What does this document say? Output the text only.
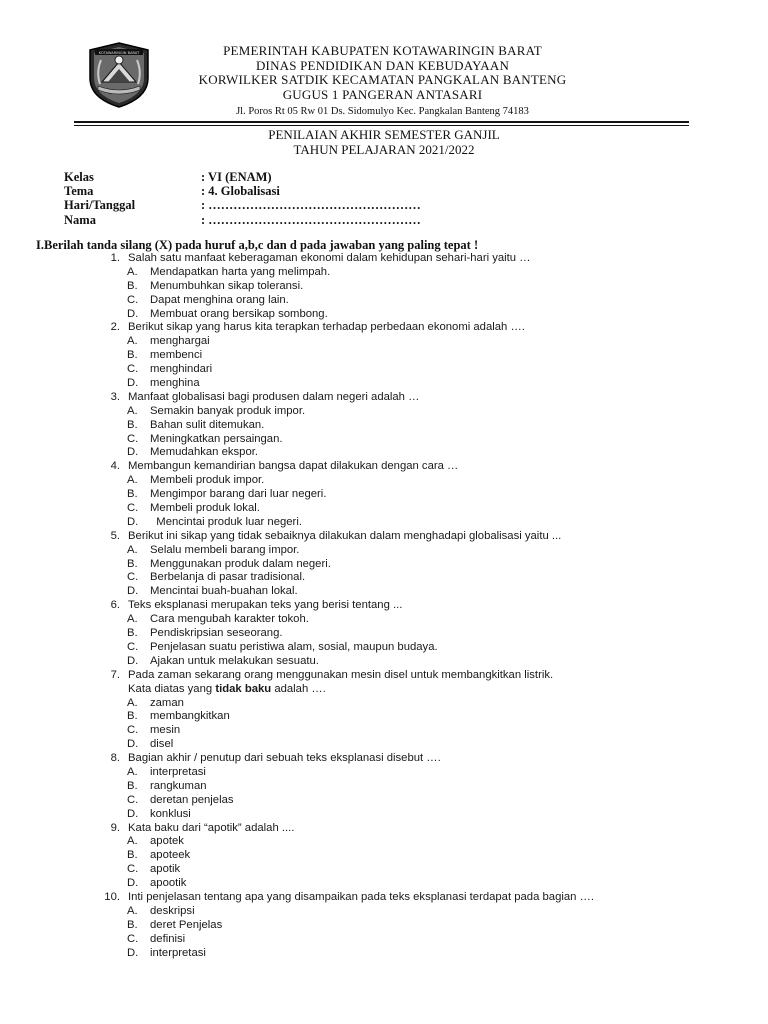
KOTAWARINGIN BARAT	PEMERINTAH KABUPATEN KOTAWARINGIN BARAT
DINAS PENDIDIKAN DAN KEBUDAYAAN
KORWILKER SATDIK KECAMATAN PANGKALAN BANTENG
GUGUS 1 PANGERAN ANTASARI
Jl. Poros Rt 05 Rw 01 Ds. Sidomulyo Kec. Pangkalan Banteng 74183
PENILAIAN AKHIR SEMESTER GANJIL
TAHUN PELAJARAN 2021/2022
Kelas	: VI (ENAM)
Tema	: 4. Globalisasi
Hari/Tanggal	: ……………………………………………
Nama	: ……………………………………………
I.Berilah tanda silang (X) pada huruf a,b,c dan d pada jawaban yang paling tepat !
1. Salah satu manfaat keberagaman ekonomi dalam kehidupan sehari-hari yaitu …
A. Mendapatkan harta yang melimpah.
B. Menumbuhkan sikap toleransi.
C. Dapat menghina orang lain.
D. Membuat orang bersikap sombong.
2. Berikut sikap yang harus kita terapkan terhadap perbedaan ekonomi adalah ….
A. menghargai
B. membenci
C. menghindari
D. menghina
3. Manfaat globalisasi bagi produsen dalam negeri adalah …
A. Semakin banyak produk impor.
B. Bahan sulit ditemukan.
C. Meningkatkan persaingan.
D. Memudahkan ekspor.
4. Membangun kemandirian bangsa dapat dilakukan dengan cara …
A. Membeli produk impor.
B. Mengimpor barang dari luar negeri.
C. Membeli produk lokal.
D. Mencintai produk luar negeri.
5. Berikut ini sikap yang tidak sebaiknya dilakukan dalam menghadapi globalisasi yaitu ...
A. Selalu membeli barang impor.
B. Menggunakan produk dalam negeri.
C. Berbelanja di pasar tradisional.
D. Mencintai buah-buahan lokal.
6. Teks eksplanasi merupakan teks yang berisi tentang ...
A. Cara mengubah karakter tokoh.
B. Pendiskripsian seseorang.
C. Penjelasan suatu peristiwa alam, sosial, maupun budaya.
D. Ajakan untuk melakukan sesuatu.
7. Pada zaman sekarang orang menggunakan mesin disel untuk membangkitkan listrik.
Kata diatas yang tidak baku adalah ….
A. zaman
B. membangkitkan
C. mesin
D. disel
8. Bagian akhir / penutup dari sebuah teks eksplanasi disebut ….
A. interpretasi
B. rangkuman
C. deretan penjelas
D. konklusi
9. Kata baku dari “apotik” adalah ....
A. apotek
B. apoteek
C. apotik
D. apootik
10. Inti penjelasan tentang apa yang disampaikan pada teks eksplanasi terdapat pada bagian ….
A. deskripsi
B. deret Penjelas
C. definisi
D. interpretasi
